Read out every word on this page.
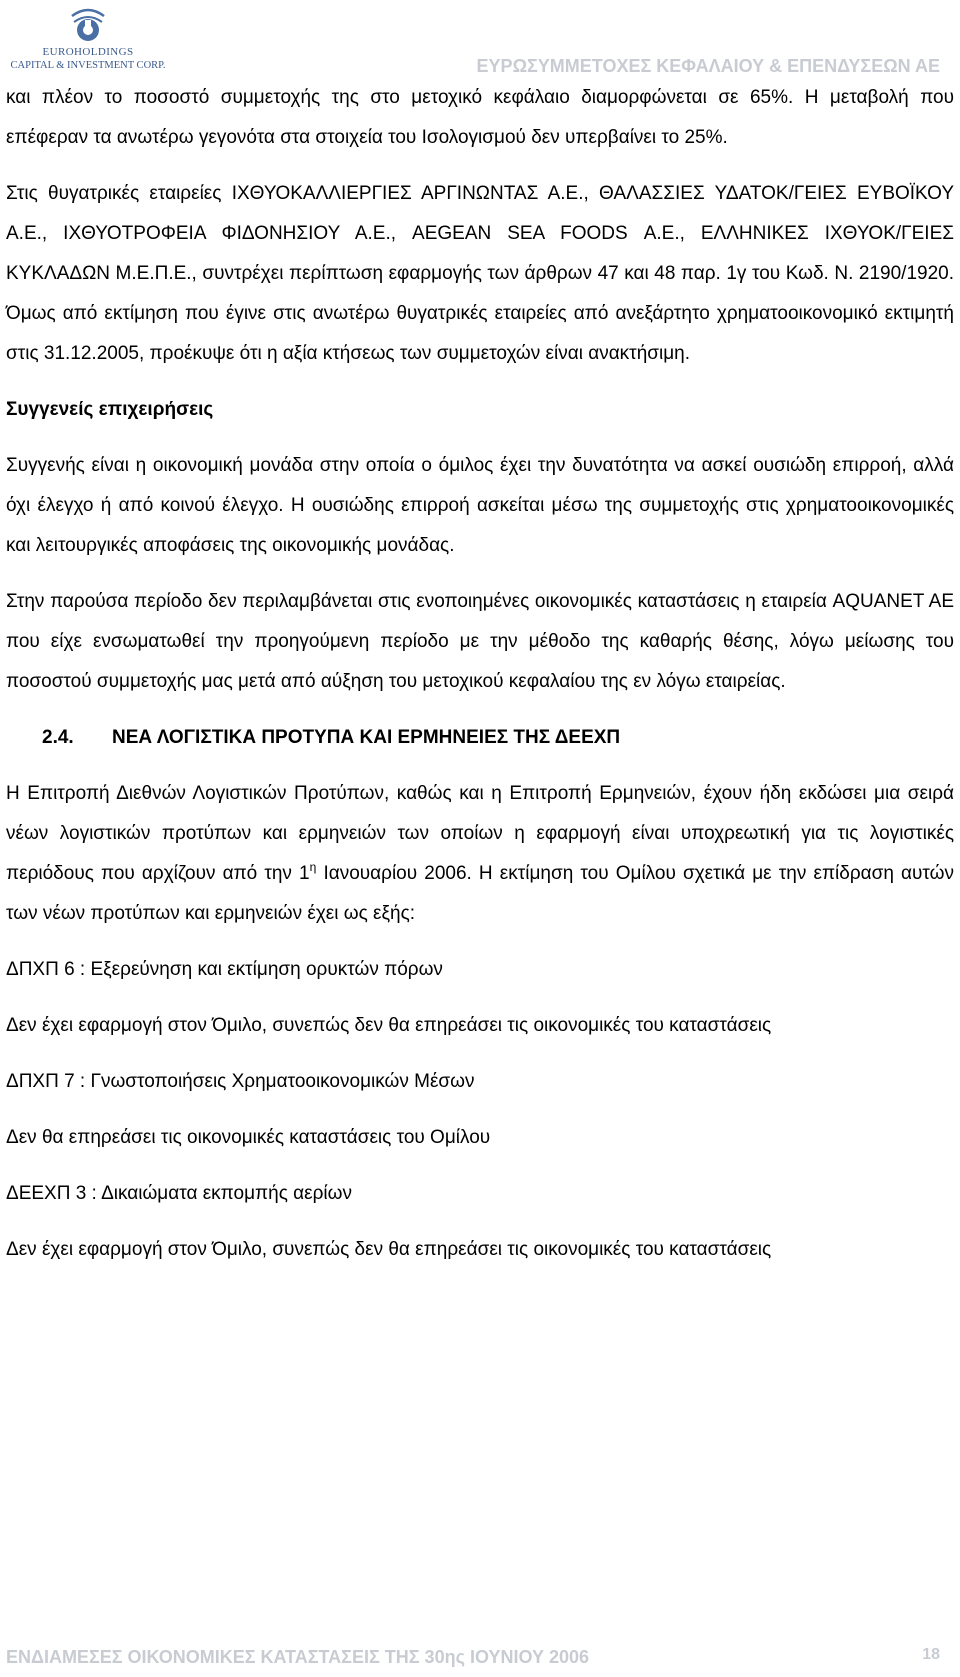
EUROHOLDINGS
CAPITAL & INVESTMENT CORP.	ΕΥΡΩΣΥΜΜΕΤΟΧΕΣ ΚΕΦΑΛΑΙΟΥ & ΕΠΕΝΔΥΣΕΩΝ ΑΕ

και πλέον το ποσοστό συμμετοχής της στο μετοχικό κεφάλαιο διαμορφώνεται σε 65%. Η μεταβολή που επέφεραν τα ανωτέρω γεγονότα στα στοιχεία του Ισολογισμού δεν υπερβαίνει το 25%.

Στις θυγατρικές εταιρείες ΙΧΘΥΟΚΑΛΛΙΕΡΓΙΕΣ ΑΡΓΙΝΩΝΤΑΣ Α.Ε., ΘΑΛΑΣΣΙΕΣ ΥΔΑΤΟΚ/ΓΕΙΕΣ ΕΥΒΟΪΚΟΥ Α.Ε., ΙΧΘΥΟΤΡΟΦΕΙΑ ΦΙΔΟΝΗΣΙΟΥ Α.Ε., AEGEAN SEA FOODS Α.Ε., ΕΛΛΗΝΙΚΕΣ ΙΧΘΥΟΚ/ΓΕΙΕΣ ΚΥΚΛΑΔΩΝ Μ.Ε.Π.Ε., συντρέχει περίπτωση εφαρμογής των άρθρων 47 και 48 παρ. 1γ του Κωδ. Ν. 2190/1920. Όμως από εκτίμηση που έγινε στις ανωτέρω θυγατρικές εταιρείες από ανεξάρτητο χρηματοοικονομικό εκτιμητή στις 31.12.2005, προέκυψε ότι η αξία κτήσεως των συμμετοχών είναι ανακτήσιμη.

Συγγενείς επιχειρήσεις

Συγγενής είναι η οικονομική μονάδα στην οποία ο όμιλος έχει την δυνατότητα να ασκεί ουσιώδη επιρροή, αλλά όχι έλεγχο ή από κοινού έλεγχο. Η ουσιώδης επιρροή ασκείται μέσω της συμμετοχής στις χρηματοοικονομικές και λειτουργικές αποφάσεις της οικονομικής μονάδας.

Στην παρούσα περίοδο δεν περιλαμβάνεται στις ενοποιημένες οικονομικές καταστάσεις η εταιρεία AQUANET AE που είχε ενσωματωθεί την προηγούμενη περίοδο με την μέθοδο της καθαρής θέσης, λόγω μείωσης του ποσοστού συμμετοχής μας μετά από αύξηση του μετοχικού κεφαλαίου της εν λόγω εταιρείας.

2.4. ΝΕΑ ΛΟΓΙΣΤΙΚΑ ΠΡΟΤΥΠΑ ΚΑΙ ΕΡΜΗΝΕΙΕΣ ΤΗΣ ΔΕΕΧΠ

Η Επιτροπή Διεθνών Λογιστικών Προτύπων, καθώς και η Επιτροπή Ερμηνειών, έχουν ήδη εκδώσει μια σειρά νέων λογιστικών προτύπων και ερμηνειών των οποίων η εφαρμογή είναι υποχρεωτική για τις λογιστικές περιόδους που αρχίζουν από την $1^\eta$ Ιανουαρίου 2006. Η εκτίμηση του Ομίλου σχετικά με την επίδραση αυτών των νέων προτύπων και ερμηνειών έχει ως εξής:

ΔΠΧΠ 6 : Εξερεύνηση και εκτίμηση ορυκτών πόρων

Δεν έχει εφαρμογή στον Όμιλο, συνεπώς δεν θα επηρεάσει τις οικονομικές του καταστάσεις

ΔΠΧΠ 7 : Γνωστοποιήσεις Χρηματοοικονομικών Μέσων

Δεν θα επηρεάσει τις οικονομικές καταστάσεις του Ομίλου

ΔΕΕΧΠ 3 : Δικαιώματα εκπομπής αερίων

Δεν έχει εφαρμογή στον Όμιλο, συνεπώς δεν θα επηρεάσει τις οικονομικές του καταστάσεις

ΕΝΔΙΑΜΕΣΕΣ ΟΙΚΟΝΟΜΙΚΕΣ ΚΑΤΑΣΤΑΣΕΙΣ ΤΗΣ 30ης ΙΟΥΝΙΟΥ 2006	18
